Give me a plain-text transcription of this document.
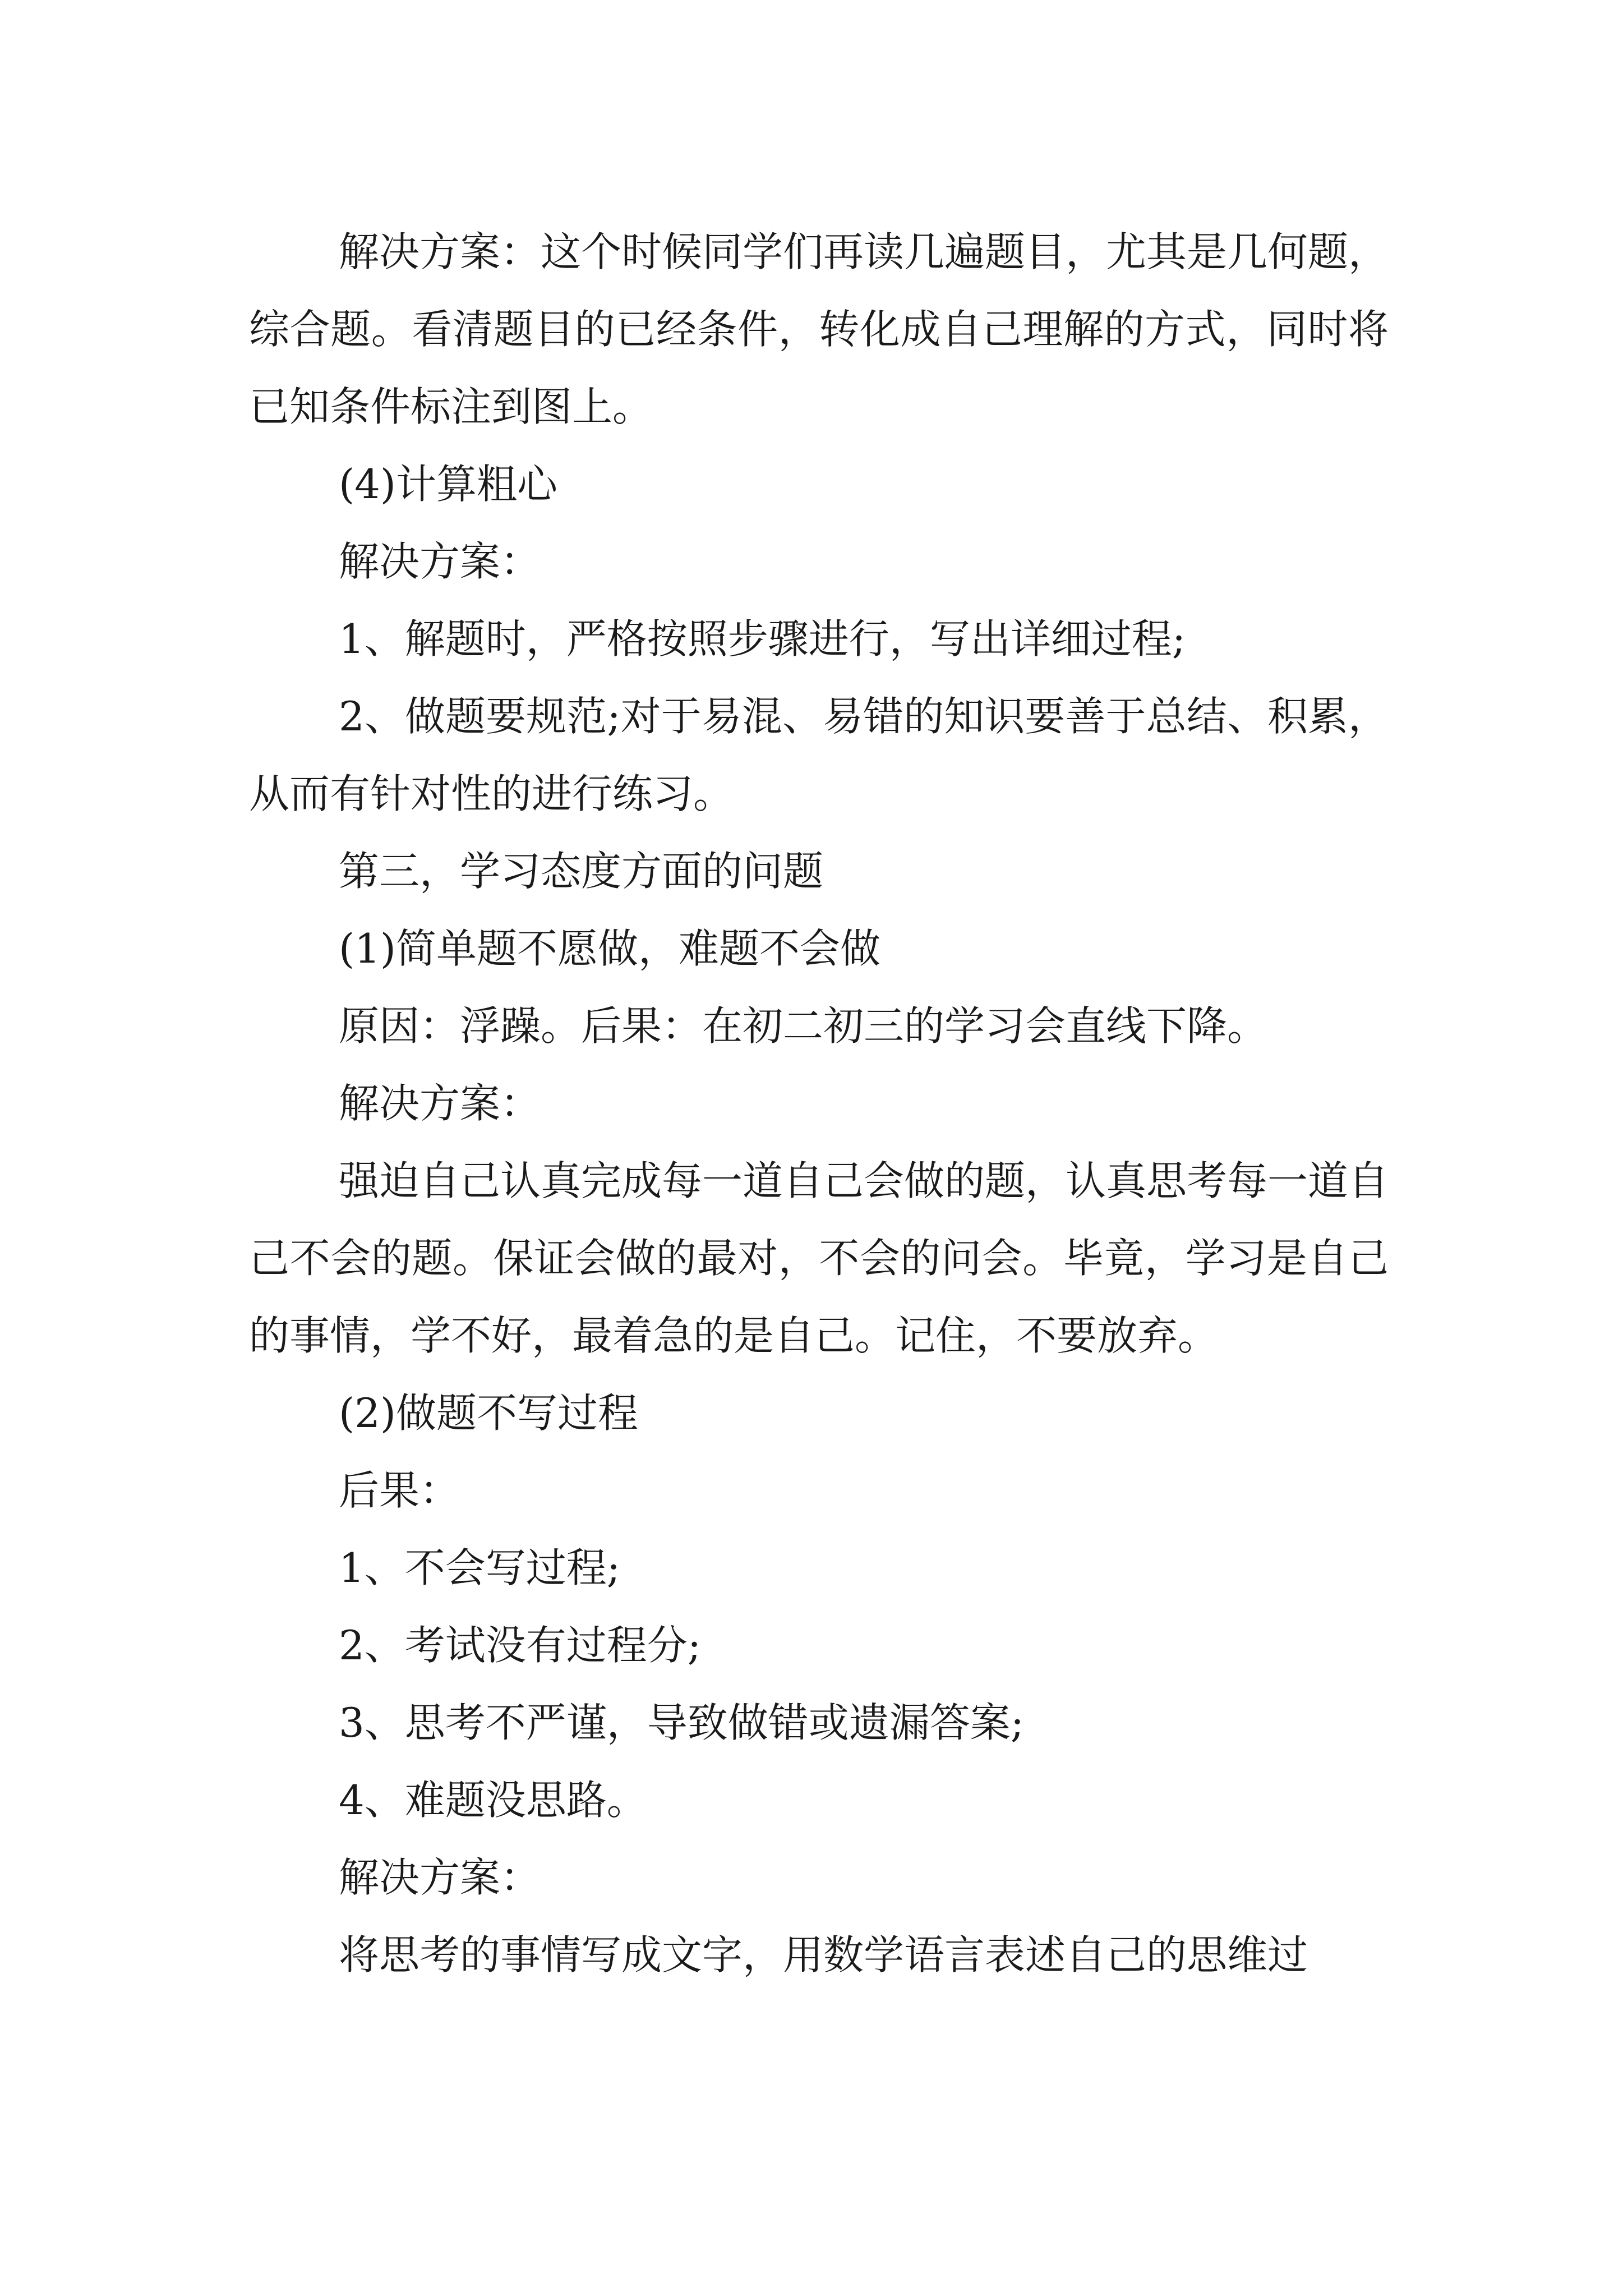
解决方案：这个时候同学们再读几遍题目，尤其是几何题，综合题。看清题目的已经条件，转化成自己理解的方式，同时将已知条件标注到图上。

(4)计算粗心

解决方案：

1、解题时，严格按照步骤进行，写出详细过程;

2、做题要规范;对于易混、易错的知识要善于总结、积累，从而有针对性的进行练习。

第三，学习态度方面的问题

(1)简单题不愿做，难题不会做

原因：浮躁。后果：在初二初三的学习会直线下降。

解决方案：

强迫自己认真完成每一道自己会做的题，认真思考每一道自己不会的题。保证会做的最对，不会的问会。毕竟，学习是自己的事情，学不好，最着急的是自己。记住，不要放弃。

(2)做题不写过程

后果：

1、不会写过程;

2、考试没有过程分;

3、思考不严谨，导致做错或遗漏答案;

4、难题没思路。

解决方案：

将思考的事情写成文字，用数学语言表述自己的思维过
